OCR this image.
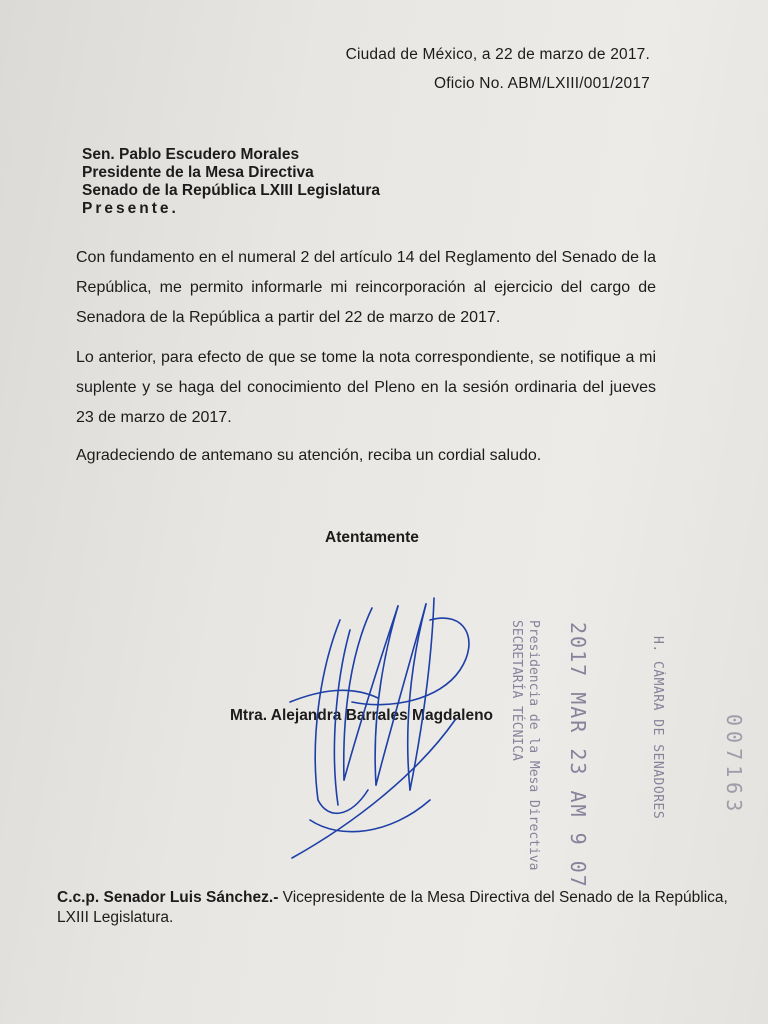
Ciudad de México, a 22 de marzo de 2017.
Oficio No. ABM/LXIII/001/2017
Sen. Pablo Escudero Morales
Presidente de la Mesa Directiva
Senado de la República LXIII Legislatura
Presente.
Con fundamento en el numeral 2 del artículo 14 del Reglamento del Senado de la República, me permito informarle mi reincorporación al ejercicio del cargo de Senadora de la República a partir del 22 de marzo de 2017.
Lo anterior, para efecto de que se tome la nota correspondiente, se notifique a mi suplente y se haga del conocimiento del Pleno en la sesión ordinaria del jueves 23 de marzo de 2017.
Agradeciendo de antemano su atención, reciba un cordial saludo.
Atentamente
Presidencia de la Mesa Directiva
SECRETARÍA TÉCNICA 2017 MAR 23 AM 9 07	H. CÁMARA DE SENADORES	007163
Mtra. Alejandra Barrales Magdaleno
C.c.p. Senador Luis Sánchez.- Vicepresidente de la Mesa Directiva del Senado de la República, LXIII Legislatura.
